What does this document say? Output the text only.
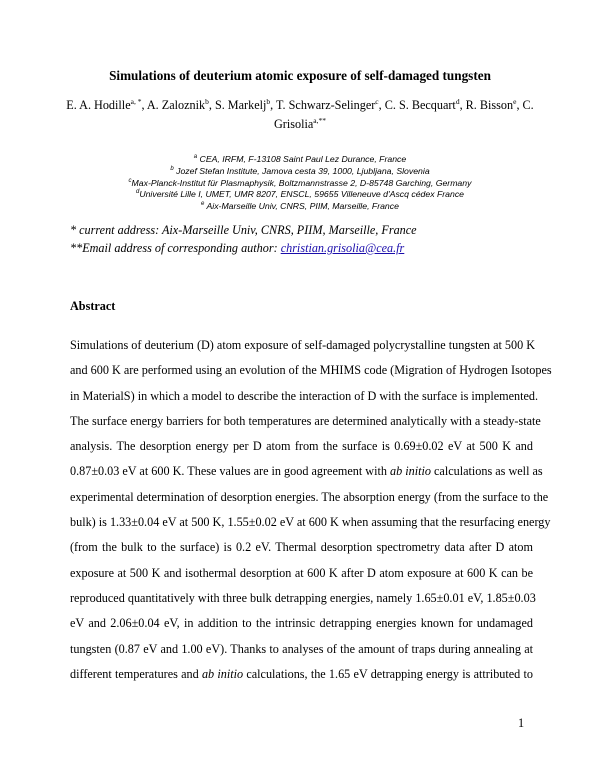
Simulations of deuterium atomic exposure of self-damaged tungsten
E. A. Hodille$^{a, *}$, A. Zaloznik$^b$, S. Markelj$^b$, T. Schwarz-Selinger$^c$, C. S. Becquart$^d$, R. Bisson$^e$, C.
Grisolia$^{a,**}$
$^a$ CEA, IRFM, F-13108 Saint Paul Lez Durance, France
$^b$ Jozef Stefan Institute, Jamova cesta 39, 1000, Ljubljana, Slovenia
$^c$Max-Planck-Institut für Plasmaphysik, Boltzmannstrasse 2, D-85748 Garching, Germany
$^d$Université Lille I, UMET, UMR 8207, ENSCL, 59655 Villeneuve d'Ascq cédex France
$^e$ Aix-Marseille Univ, CNRS, PIIM, Marseille, France
* current address: Aix-Marseille Univ, CNRS, PIIM, Marseille, France
**Email address of corresponding author: christian.grisolia@cea.fr
Abstract
Simulations of deuterium (D) atom exposure of self-damaged polycrystalline tungsten at 500 K
and 600 K are performed using an evolution of the MHIMS code (Migration of Hydrogen Isotopes
in MaterialS) in which a model to describe the interaction of D with the surface is implemented.
The surface energy barriers for both temperatures are determined analytically with a steady-state
analysis. The desorption energy per D atom from the surface is 0.69±0.02 eV at 500 K and
0.87±0.03 eV at 600 K. These values are in good agreement with ab initio calculations as well as
experimental determination of desorption energies. The absorption energy (from the surface to the
bulk) is 1.33±0.04 eV at 500 K, 1.55±0.02 eV at 600 K when assuming that the resurfacing energy
(from the bulk to the surface) is 0.2 eV. Thermal desorption spectrometry data after D atom
exposure at 500 K and isothermal desorption at 600 K after D atom exposure at 600 K can be
reproduced quantitatively with three bulk detrapping energies, namely 1.65±0.01 eV, 1.85±0.03
eV and 2.06±0.04 eV, in addition to the intrinsic detrapping energies known for undamaged
tungsten (0.87 eV and 1.00 eV). Thanks to analyses of the amount of traps during annealing at
different temperatures and ab initio calculations, the 1.65 eV detrapping energy is attributed to
1
